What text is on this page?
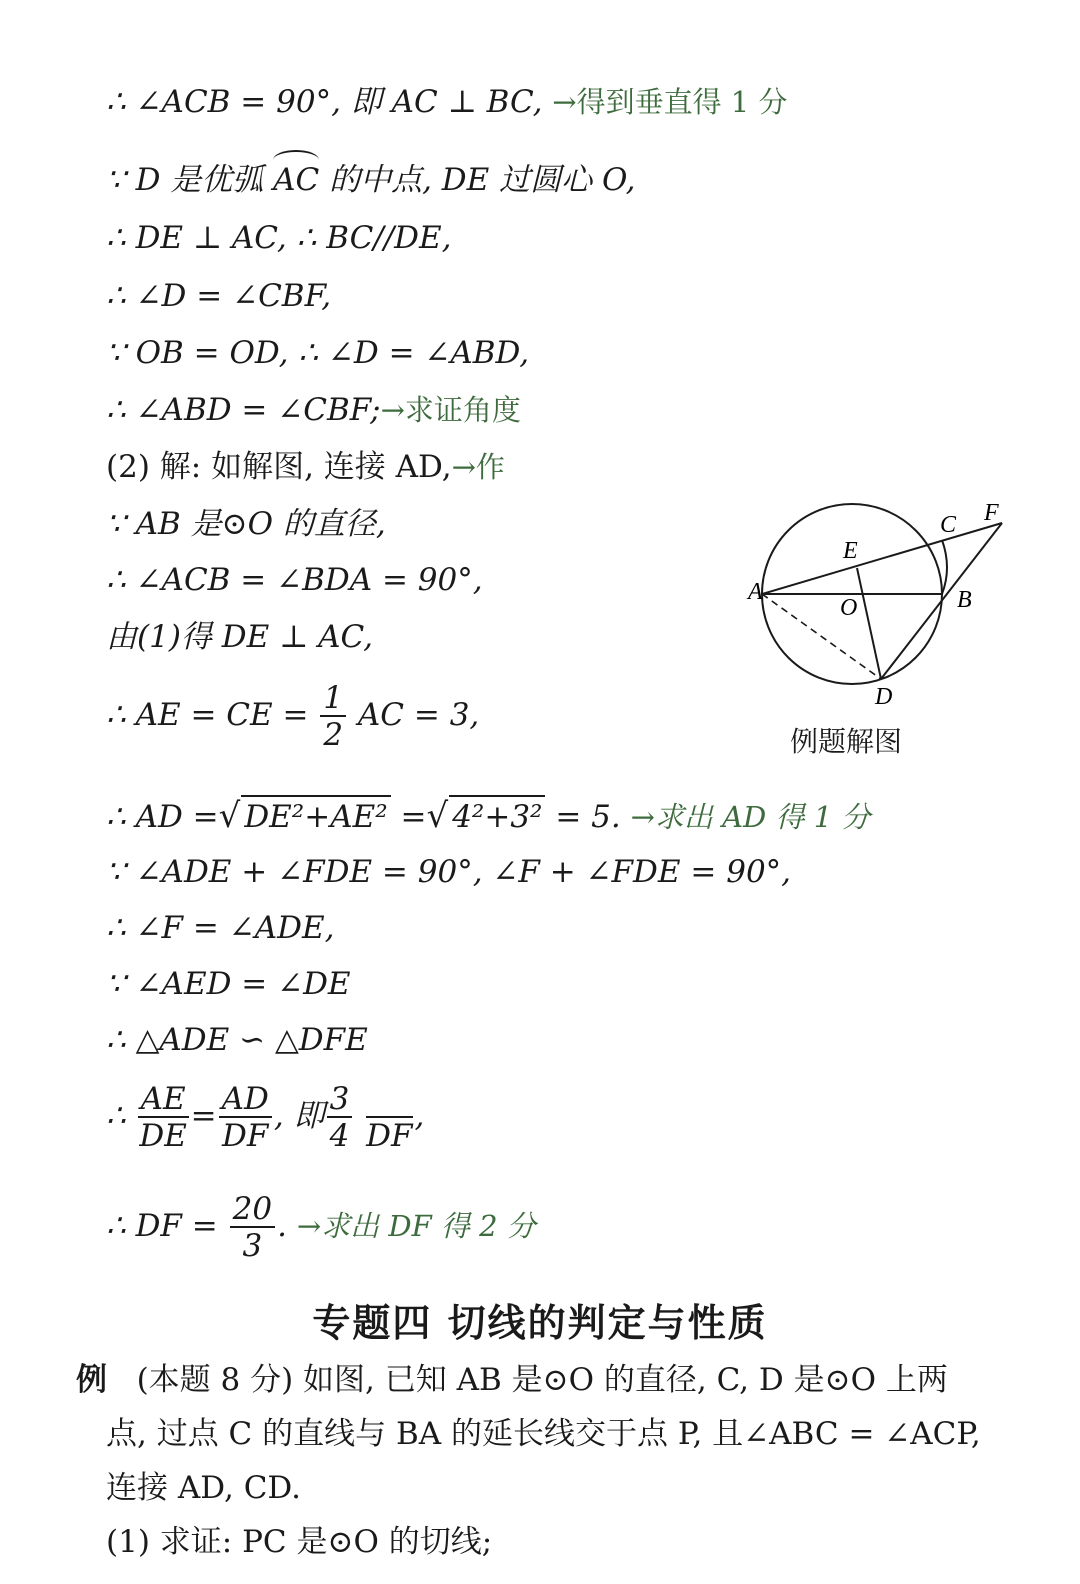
∴ ∠ACB = 90°, 即 AC ⊥ BC, →得到垂直得 1 分
∵ D 是优弧 AC 的中点, DE 过圆心 O,
∴ DE ⊥ AC, ∴ BC//DE,
∴ ∠D = ∠CBF,
∵ OB = OD, ∴ ∠D = ∠ABD,
∴ ∠ABD = ∠CBF;→求证角度
(2) 解: 如解图, 连接 AD,→作
∵ AB 是⊙O 的直径,
∴ ∠ACB = ∠BDA = 90°,
由(1)得 DE ⊥ AC,
∴ AE = CE = $\frac{1}{2}$ AC = 3,
∴ AD =√ DE²+AE² =√ 4²+3² = 5. →求出 AD 得 1 分
∵ ∠ADE + ∠FDE = 90°, ∠F + ∠FDE = 90°,
∴ ∠F = ∠ADE,
∵ ∠AED = ∠DE
∴ △ADE ∽ △DFE
∴ $\frac{AE}{DE} = \frac{AD}{DF}$ , 即 $\frac{3}{4}$

DF
,
∴ DF = $\frac{20}{3}$ . →求出 DF 得 2 分
A	B
C
D
E
F
O
例题解图
专题四 切线的判定与性质
例 (本题 8 分) 如图, 已知 AB 是⊙O 的直径, C, D 是⊙O 上两
点, 过点 C 的直线与 BA 的延长线交于点 P, 且∠ABC = ∠ACP,
连接 AD, CD.
(1) 求证: PC 是⊙O 的切线;
